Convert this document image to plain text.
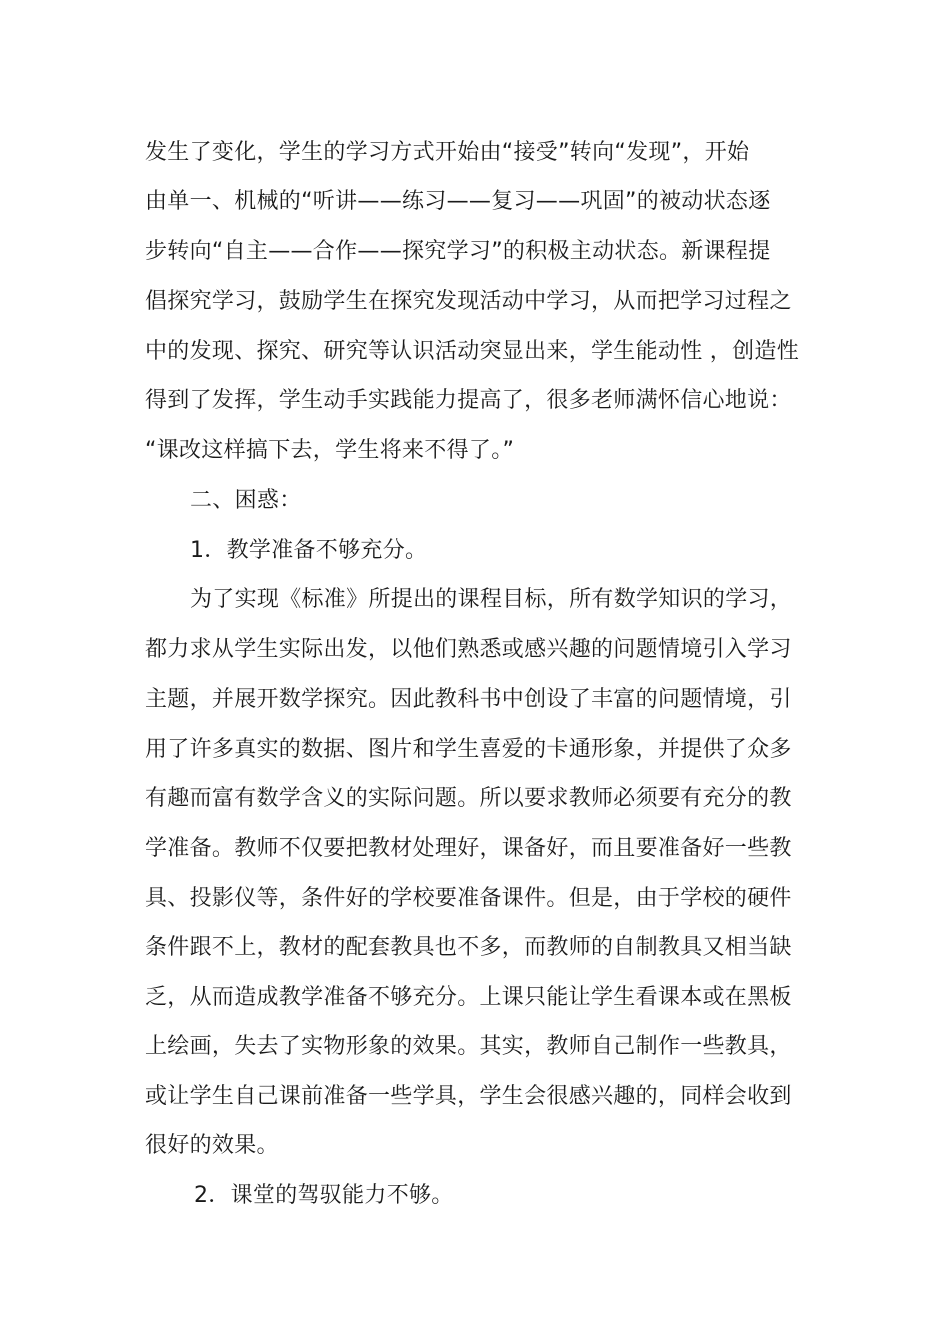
发生了变化，学生的学习方式开始由“接受”转向“发现”，开始
由单一、机械的“听讲——练习——复习——巩固”的被动状态逐
步转向“自主——合作——探究学习”的积极主动状态。新课程提
倡探究学习，鼓励学生在探究发现活动中学习，从而把学习过程之
中的发现、探究、研究等认识活动突显出来，学生能动性 ，创造性
得到了发挥，学生动手实践能力提高了，很多老师满怀信心地说：
“课改这样搞下去，学生将来不得了。”
二、困惑：
1．教学准备不够充分。
为了实现《标准》所提出的课程目标，所有数学知识的学习，
都力求从学生实际出发，以他们熟悉或感兴趣的问题情境引入学习
主题，并展开数学探究。因此教科书中创设了丰富的问题情境，引
用了许多真实的数据、图片和学生喜爱的卡通形象，并提供了众多
有趣而富有数学含义的实际问题。所以要求教师必须要有充分的教
学准备。教师不仅要把教材处理好，课备好，而且要准备好一些教
具、投影仪等，条件好的学校要准备课件。但是，由于学校的硬件
条件跟不上，教材的配套教具也不多，而教师的自制教具又相当缺
乏，从而造成教学准备不够充分。上课只能让学生看课本或在黑板
上绘画，失去了实物形象的效果。其实，教师自己制作一些教具，
或让学生自己课前准备一些学具，学生会很感兴趣的，同样会收到
很好的效果。
2．课堂的驾驭能力不够。
